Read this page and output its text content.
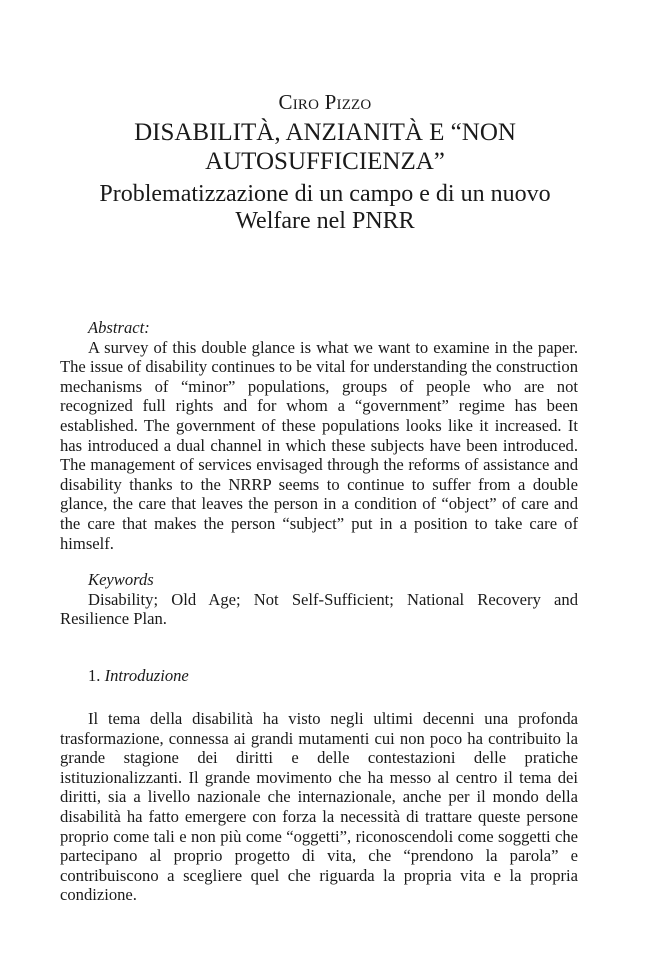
Ciro Pizzo

DISABILITÀ, ANZIANITÀ E “NON
AUTOSUFFICIENZA”
Problematizzazione di un campo e di un nuovo
Welfare nel PNRR
Abstract:

A survey of this double glance is what we want to examine in the paper. The issue of disability continues to be vital for understanding the construction mechanisms of “minor” populations, groups of people who are not recognized full rights and for whom a “government” regime has been established. The government of these populations looks like it increased. It has introduced a dual channel in which these subjects have been introduced. The management of services envisaged through the reforms of assistance and disability thanks to the NRRP seems to continue to suffer from a double glance, the care that leaves the person in a condition of “object” of care and the care that makes the person “subject” put in a position to take care of himself.

Keywords

Disability; Old Age; Not Self-Sufficient; National Recovery and Resilience Plan.

1. Introduzione

Il tema della disabilità ha visto negli ultimi decenni una profonda trasformazione, connessa ai grandi mutamenti cui non poco ha contribuito la grande stagione dei diritti e delle contestazioni delle pratiche istituzionalizzanti. Il grande movimento che ha messo al centro il tema dei diritti, sia a livello nazionale che internazionale, anche per il mondo della disabilità ha fatto emergere con forza la necessità di trattare queste persone proprio come tali e non più come “oggetti”, riconoscendoli come soggetti che partecipano al proprio progetto di vita, che “prendono la parola” e contribuiscono a scegliere quel che riguarda la propria vita e la propria condizione.
